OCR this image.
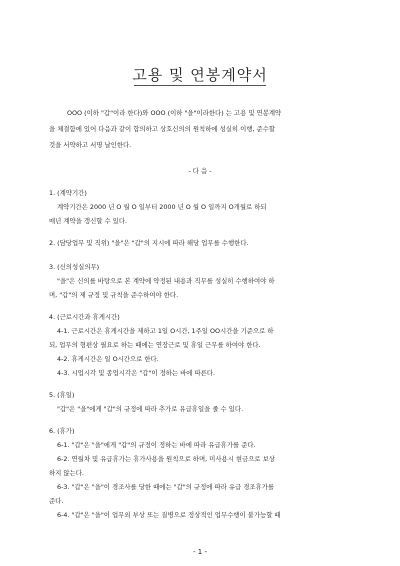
고용 및 연봉계약서
OOO (이하 "갑"이라 한다)와 OOO (이하 "을"이라한다) 는 고용 및 연봉계약
을 체결함에 있어 다음과 같이 합의하고 상호신의의 원칙하에 성실히 이행, 준수할
것을 서약하고 서명 날인한다.
- 다 음 -
1. (계약기간)
계약기간은 2000 년 O 월 O 일부터 2000 년 O 월 O 일까지 O개월로 하되
매년 계약을 갱신할 수 있다.
2. (담당업무 및 직위) "을"은 "갑"의 지시에 따라 해당 업무를 수행한다.
3. (신의성실의무)
"을"은 신의를 바탕으로 본 계약에 약정된 내용과 직무를 성실히 수행하여야 하
며, "갑"의 제 규정 및 규칙을 준수하여야 한다.
4. (근로시간과 휴게시간)
4-1. 근로시간은 휴게시간을 제하고 1일 O시간, 1주일 OO시간을 기준으로 하
되, 업무의 형편상 필요로 하는 때에는 연장근로 및 휴일 근무를 하여야 한다.
4-2. 휴게시간은 일 O시간으로 한다.
4-3. 시업시각 및 종업시각은 "갑"이 정하는 바에 따른다.
5. (휴일)
"갑"은 "을"에게 "갑"의 규정에 따라 추가로 유급휴일을 줄 수 있다.
6. (휴가)
6-1. "갑"은 "을"에게 "갑"의 규정이 정하는 바에 따라 유급휴가를 준다.
6-2. 연월차 및 유급휴가는 휴가사용을 원칙으로 하며, 미사용시 현금으로 보상
하지 않는다.
6-3. "갑"은 "을"이 경조사를 당한 때에는 "갑"의 규정에 따라 유급 경조휴가를
준다.
6-4. "갑"은 "을"이 업무외 부상 또는 질병으로 정상적인 업무수행이 불가능할 때
- 1 -
